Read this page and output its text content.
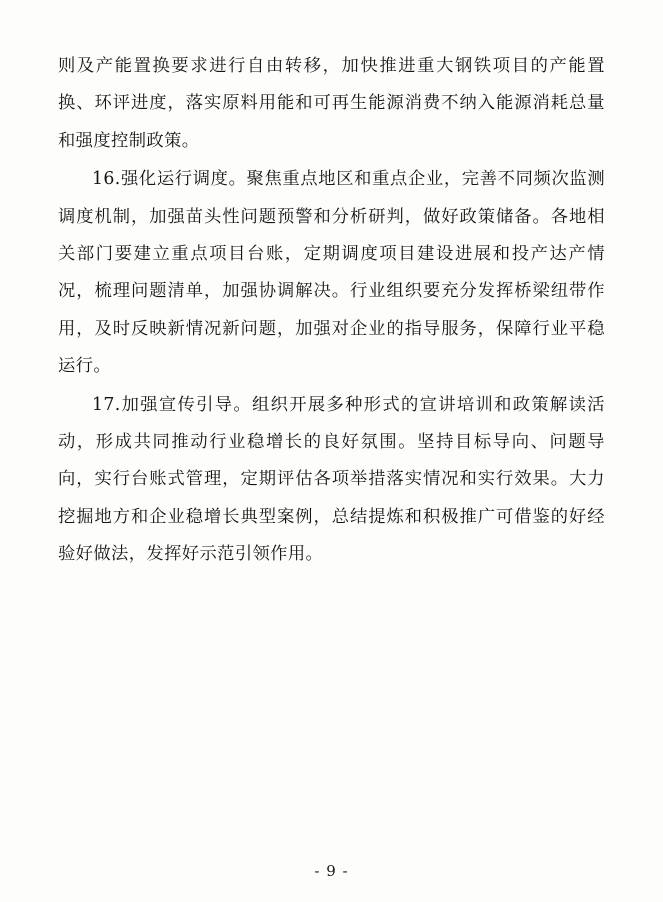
则及产能置换要求进行自由转移，加快推进重大钢铁项目的产能置换、环评进度，落实原料用能和可再生能源消费不纳入能源消耗总量和强度控制政策。

16.强化运行调度。聚焦重点地区和重点企业，完善不同频次监测调度机制，加强苗头性问题预警和分析研判，做好政策储备。各地相关部门要建立重点项目台账，定期调度项目建设进展和投产达产情况，梳理问题清单，加强协调解决。行业组织要充分发挥桥梁纽带作用，及时反映新情况新问题，加强对企业的指导服务，保障行业平稳运行。

17.加强宣传引导。组织开展多种形式的宣讲培训和政策解读活动，形成共同推动行业稳增长的良好氛围。坚持目标导向、问题导向，实行台账式管理，定期评估各项举措落实情况和实行效果。大力挖掘地方和企业稳增长典型案例，总结提炼和积极推广可借鉴的好经验好做法，发挥好示范引领作用。

- 9 -
